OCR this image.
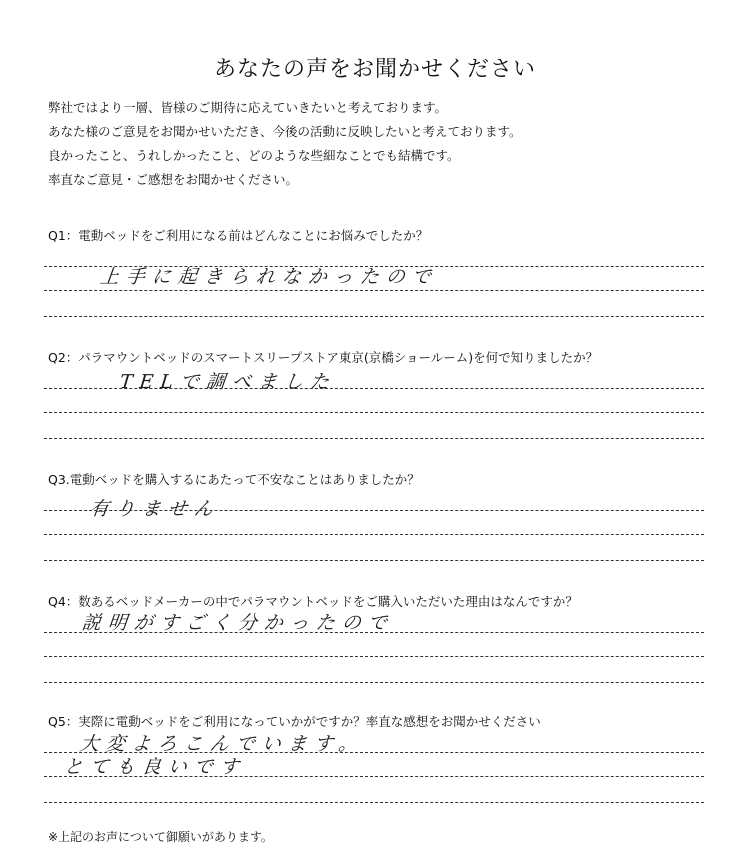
あなたの声をお聞かせください
弊社ではより一層、皆様のご期待に応えていきたいと考えております。
あなた様のご意見をお聞かせいただき、今後の活動に反映したいと考えております。
良かったこと、うれしかったこと、どのような些細なことでも結構です。
率直なご意見・ご感想をお聞かせください。
Q1：電動ベッドをご利用になる前はどんなことにお悩みでしたか？
上手に起きられなかったので
Q2：パラマウントベッドのスマートスリープストア東京(京橋ショールーム)を何で知りましたか？
TELで調べました
Q3.電動ベッドを購入するにあたって不安なことはありましたか？
有りません
Q4：数あるベッドメーカーの中でパラマウントベッドをご購入いただいた理由はなんですか？
説明がすごく分かったので
Q5：実際に電動ベッドをご利用になっていかがですか？率直な感想をお聞かせください
大変よろこんでいます。
とても良いです
※上記のお声について御願いがあります。
